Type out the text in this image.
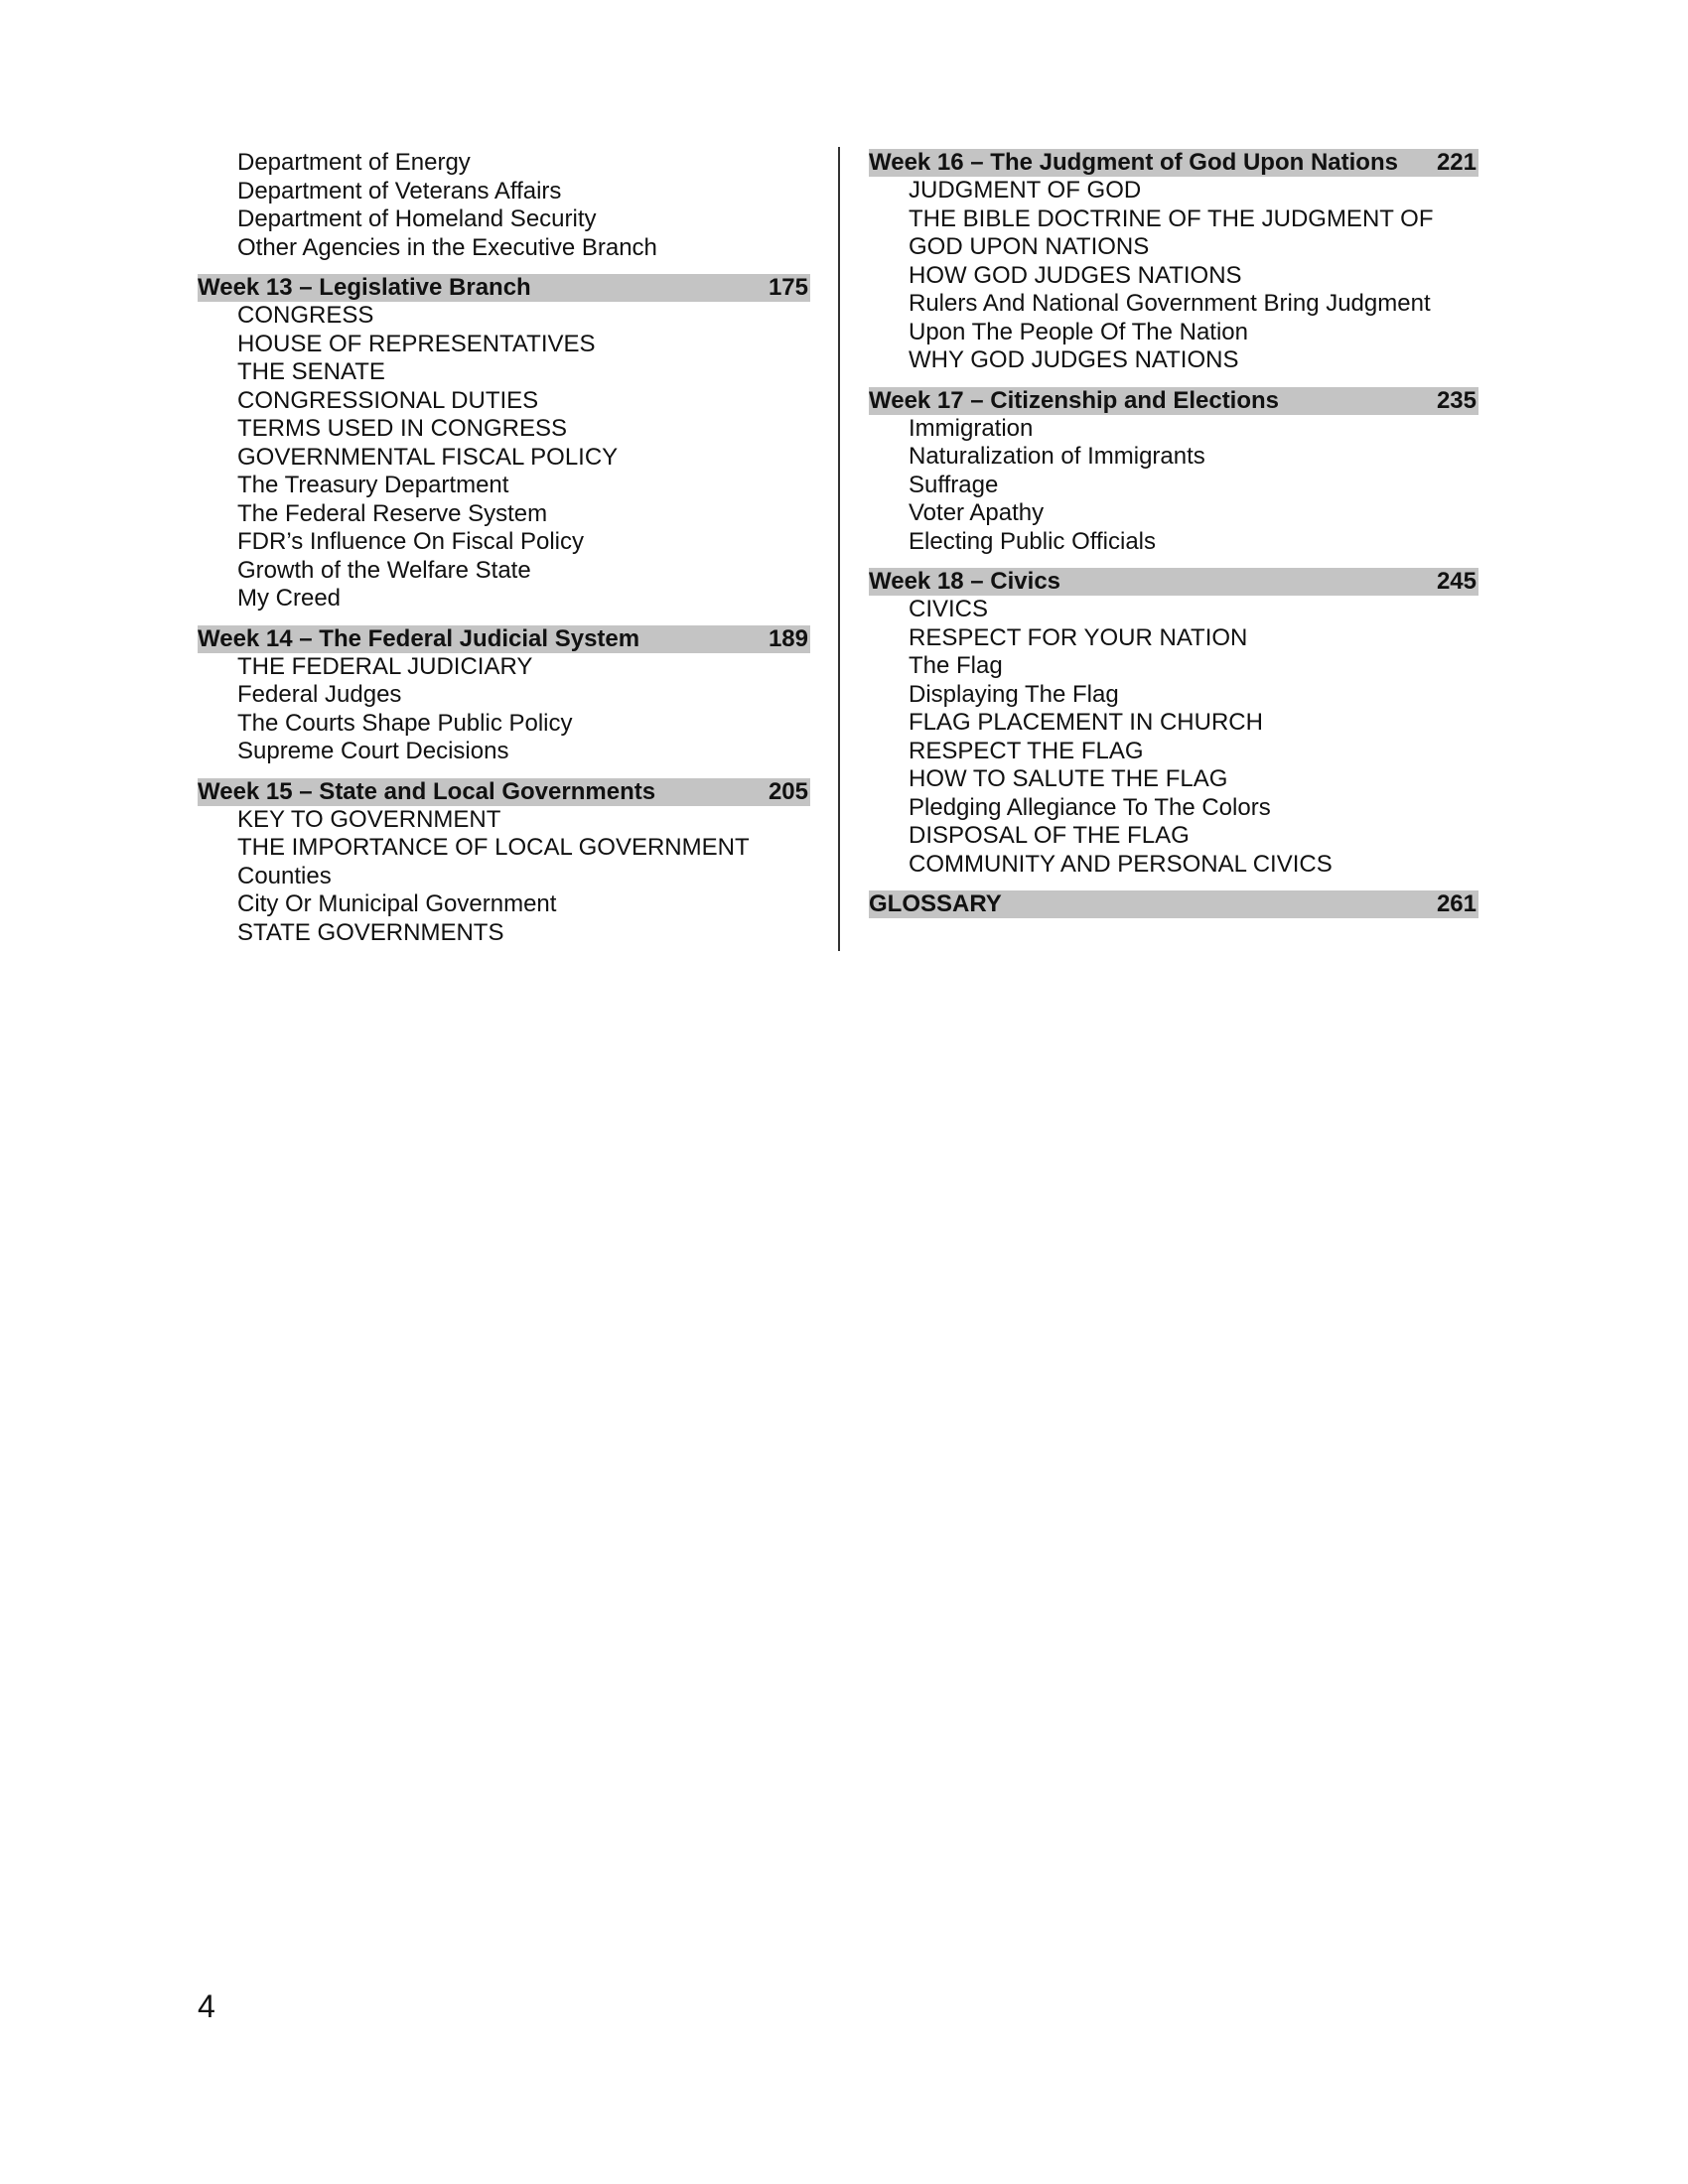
Department of Energy
Department of Veterans Affairs
Department of Homeland Security
Other Agencies in the Executive Branch
Week 13 – Legislative Branch	175
CONGRESS
HOUSE OF REPRESENTATIVES
THE SENATE
CONGRESSIONAL DUTIES
TERMS USED IN CONGRESS
GOVERNMENTAL FISCAL POLICY
The Treasury Department
The Federal Reserve System
FDR’s Influence On Fiscal Policy
Growth of the Welfare State
My Creed
Week 14 – The Federal Judicial System	189
THE FEDERAL JUDICIARY
Federal Judges
The Courts Shape Public Policy
Supreme Court Decisions
Week 15 – State and Local Governments	205
KEY TO GOVERNMENT
THE IMPORTANCE OF LOCAL GOVERNMENT
Counties
City Or Municipal Government
STATE GOVERNMENTS
Week 16 – The Judgment of God Upon Nations 221
JUDGMENT OF GOD
THE BIBLE DOCTRINE OF THE JUDGMENT OF
GOD UPON NATIONS
HOW GOD JUDGES NATIONS
Rulers And National Government Bring Judgment
Upon The People Of The Nation
WHY GOD JUDGES NATIONS
Week 17 – Citizenship and Elections	235
Immigration
Naturalization of Immigrants
Suffrage
Voter Apathy
Electing Public Officials
Week 18 – Civics	245
CIVICS
RESPECT FOR YOUR NATION
The Flag
Displaying The Flag
FLAG PLACEMENT IN CHURCH
RESPECT THE FLAG
HOW TO SALUTE THE FLAG
Pledging Allegiance To The Colors
DISPOSAL OF THE FLAG
COMMUNITY AND PERSONAL CIVICS
GLOSSARY	261
4
